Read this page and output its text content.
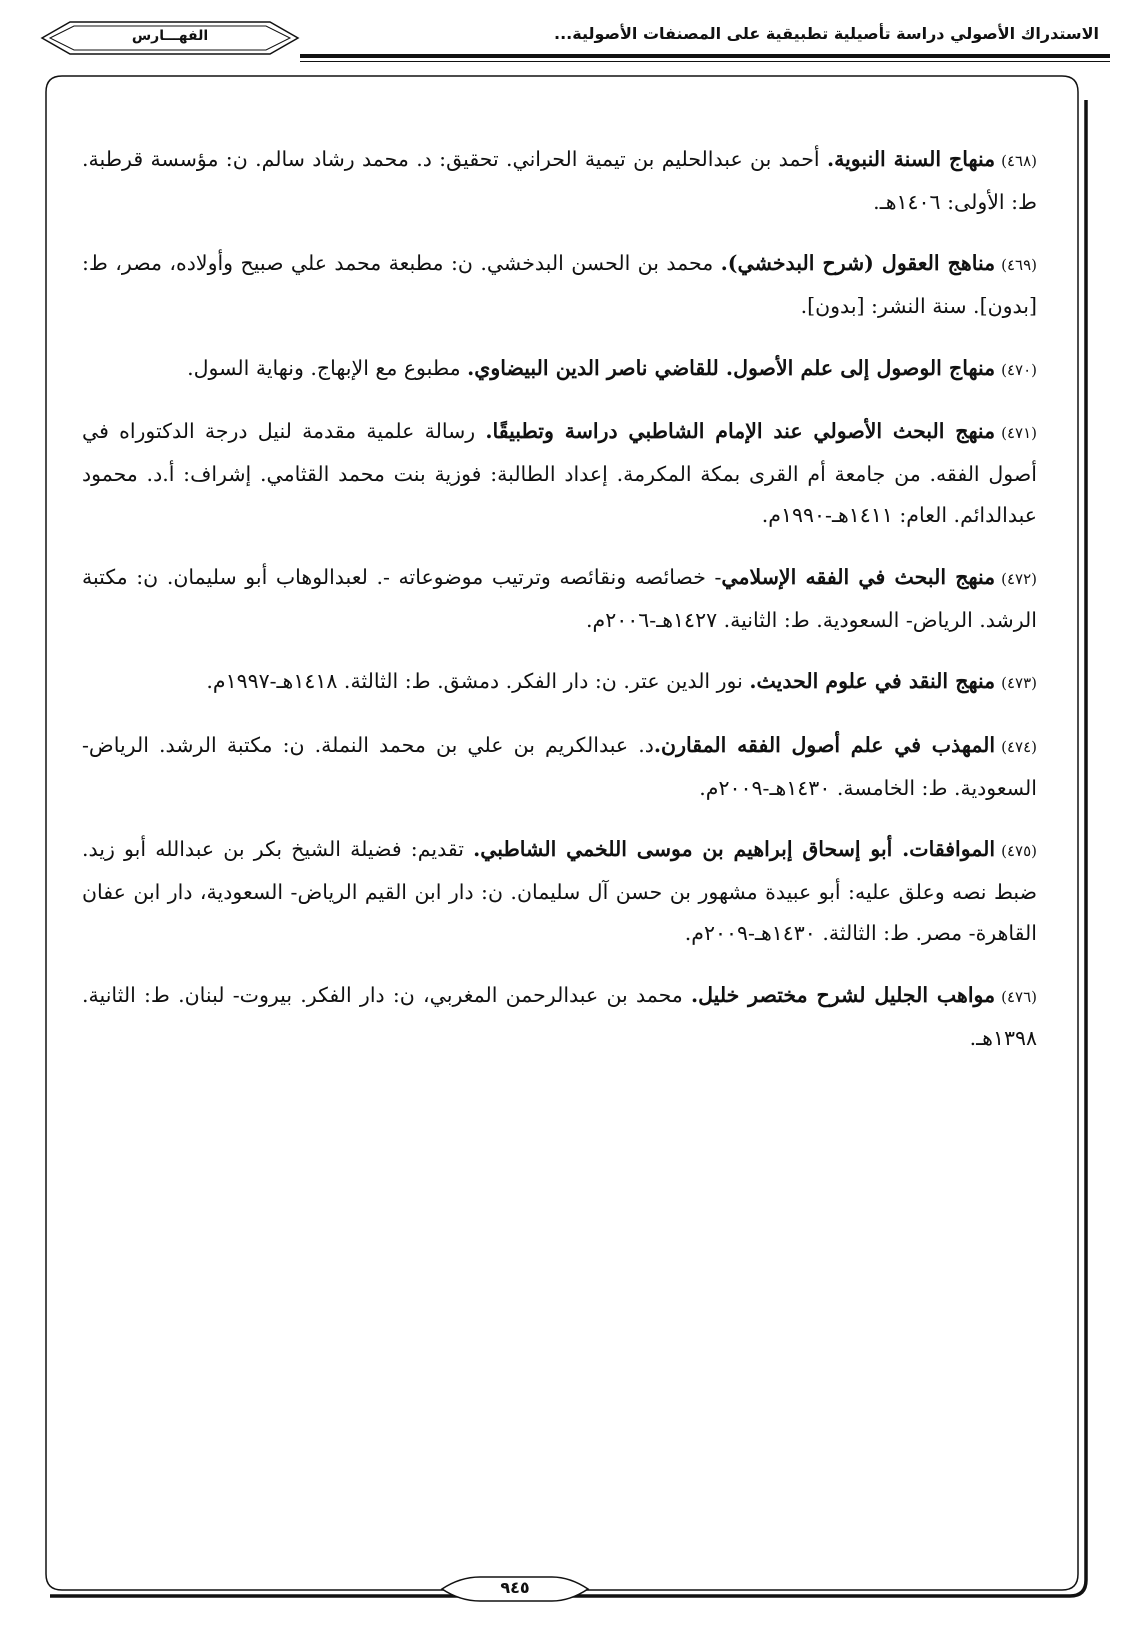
الاستدراك الأصولي دراسة تأصيلية تطبيقية على المصنفات الأصولية...
الفهـــارس

(٤٦٨)منهاج السنة النبوية. أحمد بن عبدالحليم بن تيمية الحراني. تحقيق: د. محمد رشاد سالم. ن: مؤسسة قرطبة. ط: الأولى: ١٤٠٦هـ.

(٤٦٩)مناهج العقول (شرح البدخشي). محمد بن الحسن البدخشي. ن: مطبعة محمد علي صبيح وأولاده، مصر، ط: [بدون]. سنة النشر: [بدون].

(٤٧٠)منهاج الوصول إلى علم الأصول. للقاضي ناصر الدين البيضاوي. مطبوع مع الإبهاج. ونهاية السول.

(٤٧١)منهج البحث الأصولي عند الإمام الشاطبي دراسة وتطبيقًا. رسالة علمية مقدمة لنيل درجة الدكتوراه في أصول الفقه. من جامعة أم القرى بمكة المكرمة. إعداد الطالبة: فوزية بنت محمد القثامي. إشراف: أ.د. محمود عبدالدائم. العام: ١٤١١هـ-١٩٩٠م.

(٤٧٢)منهج البحث في الفقه الإسلامي- خصائصه ونقائصه وترتيب موضوعاته -. لعبدالوهاب أبو سليمان. ن: مكتبة الرشد. الرياض- السعودية. ط: الثانية. ١٤٢٧هـ-٢٠٠٦م.

(٤٧٣)منهج النقد في علوم الحديث. نور الدين عتر. ن: دار الفكر. دمشق. ط: الثالثة. ١٤١٨هـ-١٩٩٧م.

(٤٧٤)المهذب في علم أصول الفقه المقارن.د. عبدالكريم بن علي بن محمد النملة. ن: مكتبة الرشد. الرياض- السعودية. ط: الخامسة. ١٤٣٠هـ-٢٠٠٩م.

(٤٧٥)الموافقات. أبو إسحاق إبراهيم بن موسى اللخمي الشاطبي. تقديم: فضيلة الشيخ بكر بن عبدالله أبو زيد. ضبط نصه وعلق عليه: أبو عبيدة مشهور بن حسن آل سليمان. ن: دار ابن القيم الرياض- السعودية، دار ابن عفان القاهرة- مصر. ط: الثالثة. ١٤٣٠هـ-٢٠٠٩م.

(٤٧٦)مواهب الجليل لشرح مختصر خليل. محمد بن عبدالرحمن المغربي، ن: دار الفكر. بيروت- لبنان. ط: الثانية. ١٣٩٨هـ.

٩٤٥
